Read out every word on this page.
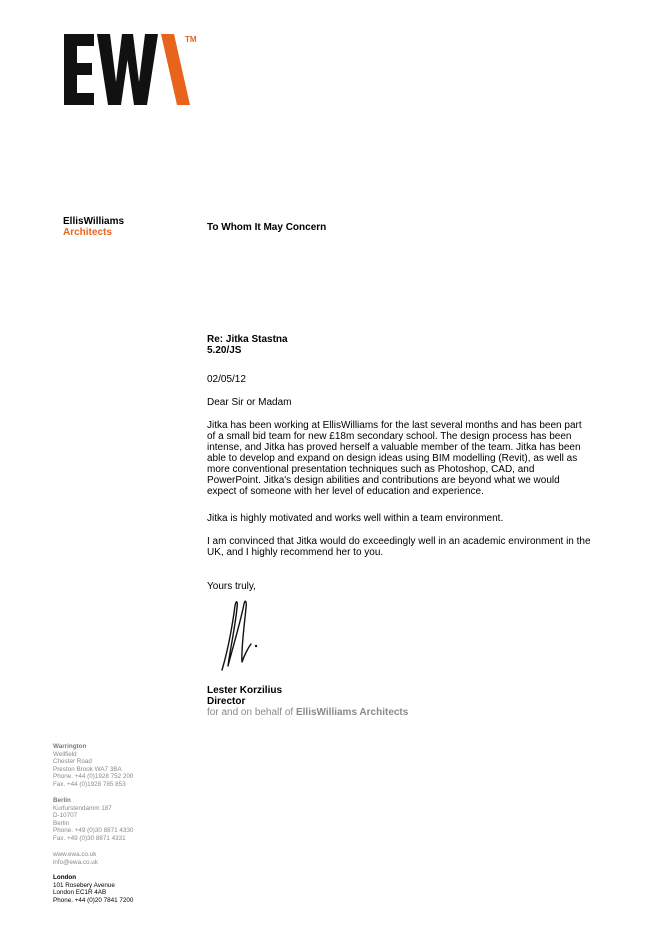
TM
EllisWilliams
Architects	To Whom It May Concern
Re: Jitka Stastna
5.20/JS
02/05/12
Dear Sir or Madam
Jitka has been working at EllisWilliams for the last several months and has been part
of a small bid team for new £18m secondary school. The design process has been
intense, and Jitka has proved herself a valuable member of the team. Jitka has been
able to develop and expand on design ideas using BIM modelling (Revit), as well as
more conventional presentation techniques such as Photoshop, CAD, and
PowerPoint. Jitka's design abilities and contributions are beyond what we would
expect of someone with her level of education and experience.
Jitka is highly motivated and works well within a team environment.
I am convinced that Jitka would do exceedingly well in an academic environment in the
UK, and I highly recommend her to you.
Yours truly,
Lester Korzilius
Director
for and on behalf of EllisWilliams Architects
Warrington
Wellfield
Chester Road
Preston Brook WA7 3BA
Phone. +44 (0)1928 752 200
Fax. +44 (0)1928 785 853
Berlin
Kurfurstendamm 187
D-10707
Berlin
Phone. +49 (0)30 8871 4330
Fax. +49 (0)30 8871 4331
www.ewa.co.uk
info@ewa.co.uk
London
101 Rosebery Avenue
London EC1R 4AB
Phone. +44 (0)20 7841 7200
